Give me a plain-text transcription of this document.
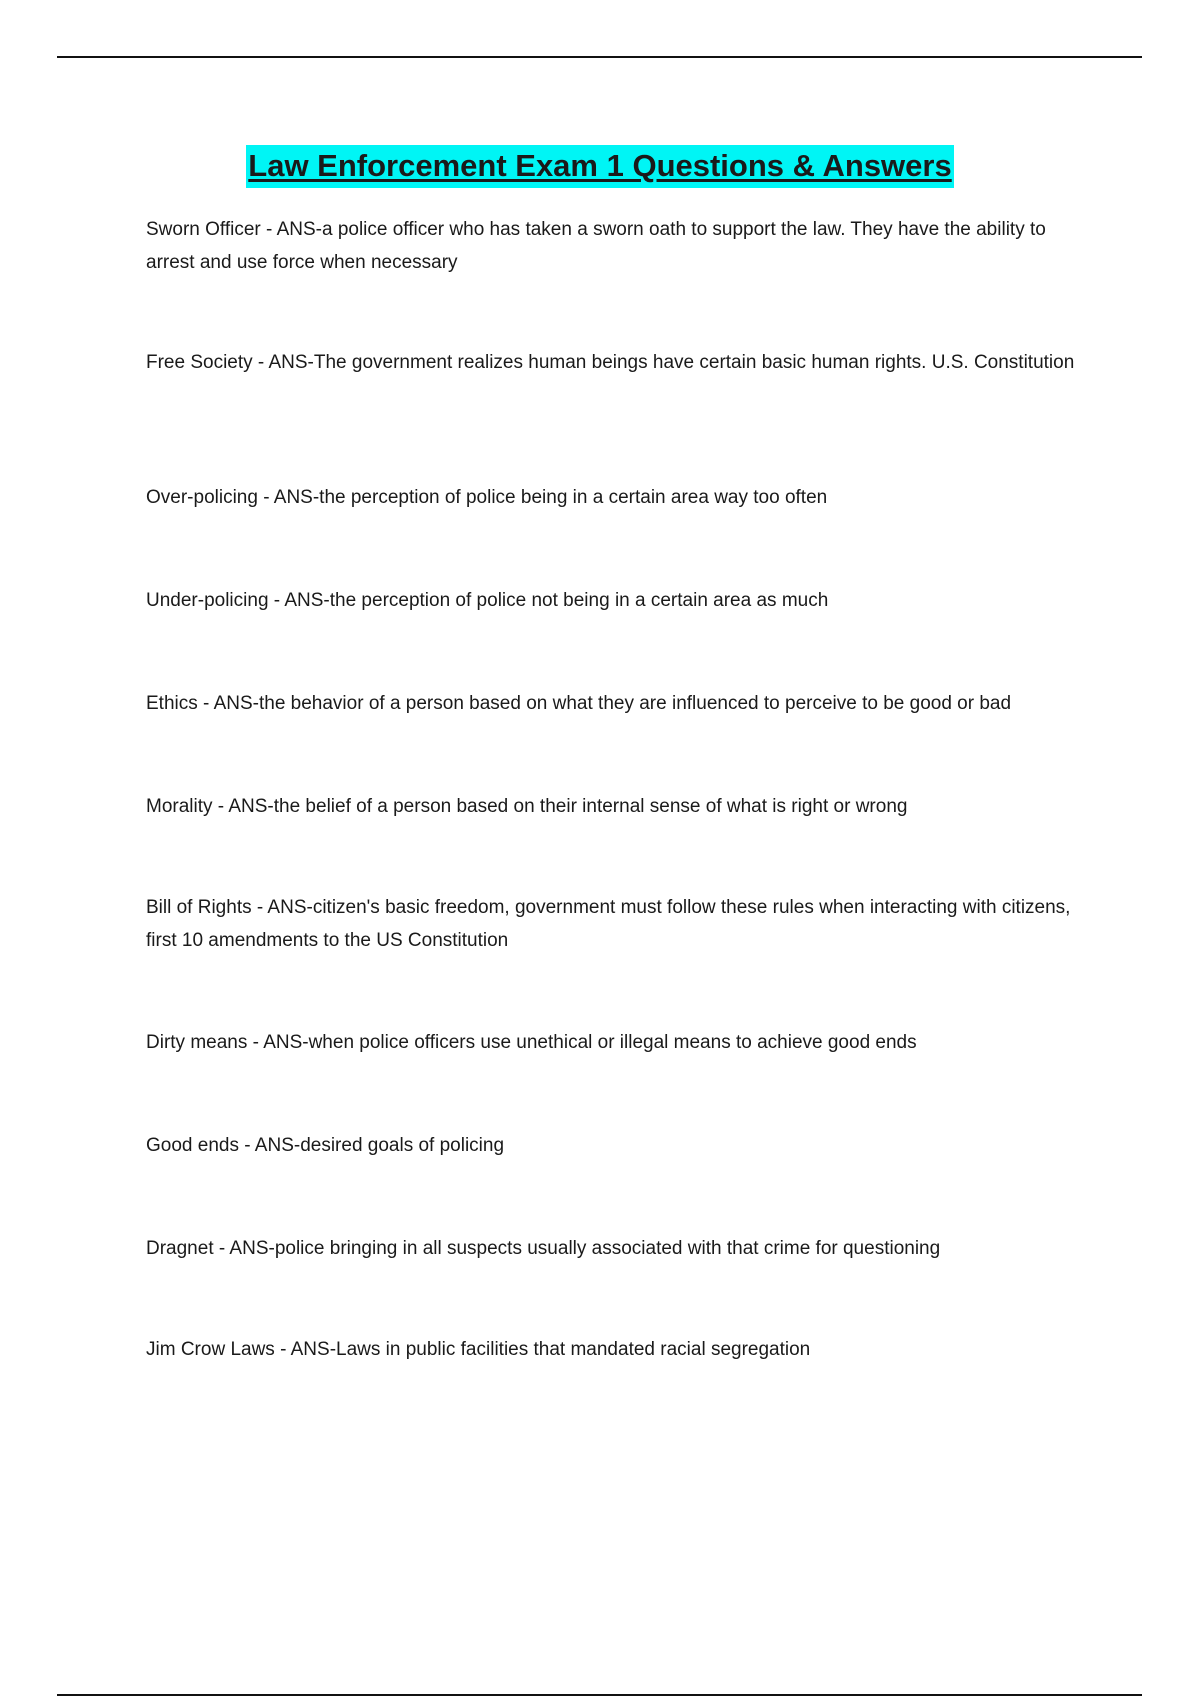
Law Enforcement Exam 1 Questions & Answers
Sworn Officer - ANS-a police officer who has taken a sworn oath to support the law. They have the ability to arrest and use force when necessary
Free Society - ANS-The government realizes human beings have certain basic human rights. U.S. Constitution
Over-policing - ANS-the perception of police being in a certain area way too often
Under-policing - ANS-the perception of police not being in a certain area as much
Ethics - ANS-the behavior of a person based on what they are influenced to perceive to be good or bad
Morality - ANS-the belief of a person based on their internal sense of what is right or wrong
Bill of Rights - ANS-citizen's basic freedom, government must follow these rules when interacting with citizens, first 10 amendments to the US Constitution
Dirty means - ANS-when police officers use unethical or illegal means to achieve good ends
Good ends - ANS-desired goals of policing
Dragnet - ANS-police bringing in all suspects usually associated with that crime for questioning
Jim Crow Laws - ANS-Laws in public facilities that mandated racial segregation
